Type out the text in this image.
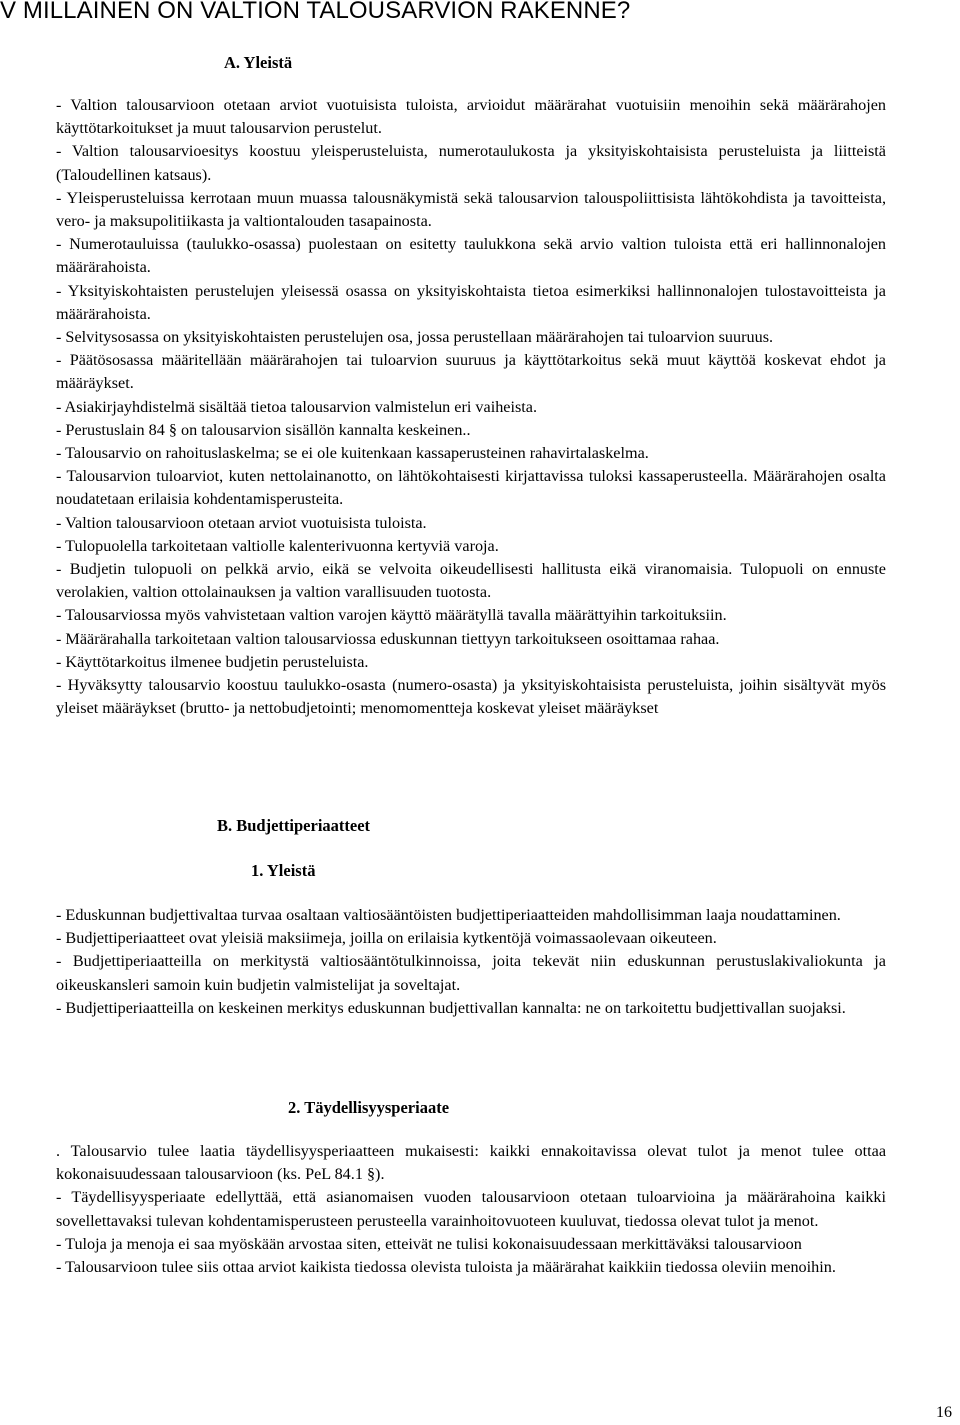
V MILLAINEN ON VALTION TALOUSARVION RAKENNE?
A. Yleistä

- Valtion talousarvioon otetaan arviot vuotuisista tuloista, arvioidut määrärahat vuotuisiin menoihin sekä määrärahojen käyttötarkoitukset ja muut talousarvion perustelut.

- Valtion talousarvioesitys koostuu yleisperusteluista, numerotaulukosta ja yksityiskohtaisista perusteluista ja liitteistä (Taloudellinen katsaus).

- Yleisperusteluissa kerrotaan muun muassa talousnäkymistä sekä talousarvion talouspoliittisista lähtökohdista ja tavoitteista, vero- ja maksupolitiikasta ja valtiontalouden tasapainosta.

- Numerotauluissa (taulukko-osassa) puolestaan on esitetty taulukkona sekä arvio valtion tuloista että eri hallinnonalojen määrärahoista.

- Yksityiskohtaisten perustelujen yleisessä osassa on yksityiskohtaista tietoa esimerkiksi hallinnonalojen tulostavoitteista ja määrärahoista.

- Selvitysosassa on yksityiskohtaisten perustelujen osa, jossa perustellaan määrärahojen tai tuloarvion suuruus.

- Päätösosassa määritellään määrärahojen tai tuloarvion suuruus ja käyttötarkoitus sekä muut käyttöä koskevat ehdot ja määräykset.

- Asiakirjayhdistelmä sisältää tietoa talousarvion valmistelun eri vaiheista.

- Perustuslain 84 § on talousarvion sisällön kannalta keskeinen..

- Talousarvio on rahoituslaskelma; se ei ole kuitenkaan kassaperusteinen rahavirtalaskelma.

- Talousarvion tuloarviot, kuten nettolainanotto, on lähtökohtaisesti kirjattavissa tuloksi kassaperusteella. Määrärahojen osalta noudatetaan erilaisia kohdentamisperusteita.

- Valtion talousarvioon otetaan arviot vuotuisista tuloista.

- Tulopuolella tarkoitetaan valtiolle kalenterivuonna kertyviä varoja.

- Budjetin tulopuoli on pelkkä arvio, eikä se velvoita oikeudellisesti hallitusta eikä viranomaisia. Tulopuoli on ennuste verolakien, valtion ottolainauksen ja valtion varallisuuden tuotosta.

- Talousarviossa myös vahvistetaan valtion varojen käyttö määrätyllä tavalla määrättyihin tarkoituksiin.

- Määrärahalla tarkoitetaan valtion talousarviossa eduskunnan tiettyyn tarkoitukseen osoittamaa rahaa.

- Käyttötarkoitus ilmenee budjetin perusteluista.

- Hyväksytty talousarvio koostuu taulukko-osasta (numero-osasta) ja yksityiskohtaisista perusteluista, joihin sisältyvät myös yleiset määräykset (brutto- ja nettobudjetointi; menomomenttеja koskevat yleiset määräykset

B. Budjettiperiaatteet
1. Yleistä

- Eduskunnan budjettivaltaa turvaa osaltaan valtiosääntöisten budjettiperiaatteiden mahdollisimman laaja noudattaminen.

- Budjettiperiaatteet ovat yleisiä maksiimeja, joilla on erilaisia kytkentöjä voimassaolevaan oikeuteen.

- Budjettiperiaatteilla on merkitystä valtiosääntötulkinnoissa, joita tekevät niin eduskunnan perustuslakivaliokunta ja oikeuskansleri samoin kuin budjetin valmistelijat ja soveltajat.

- Budjettiperiaatteilla on keskeinen merkitys eduskunnan budjettivallan kannalta: ne on tarkoitettu budjettivallan suojaksi.

2. Täydellisyysperiaate

. Talousarvio tulee laatia täydellisyysperiaatteen mukaisesti: kaikki ennakoitavissa olevat tulot ja menot tulee ottaa kokonaisuudessaan talousarvioon (ks. PeL 84.1 §).

- Täydellisyysperiaate edellyttää, että asianomaisen vuoden talousarvioon otetaan tuloarvioina ja määrärahoina kaikki sovellettavaksi tulevan kohdentamisperusteen perusteella varainhoitovuoteen kuuluvat, tiedossa olevat tulot ja menot.

- Tuloja ja menoja ei saa myöskään arvostaa siten, etteivät ne tulisi kokonaisuudessaan merkittäväksi talousarvioon

- Talousarvioon tulee siis ottaa arviot kaikista tiedossa olevista tuloista ja määrärahat kaikkiin tiedossa oleviin menoihin.

16
